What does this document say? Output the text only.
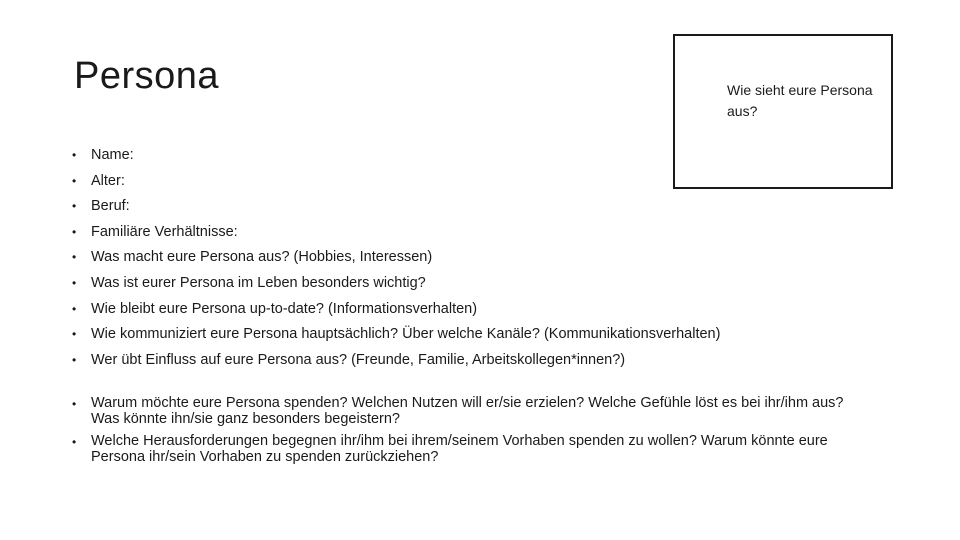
Persona	Wie sieht eure Persona aus?
• Name:
• Alter:
• Beruf:
• Familiäre Verhältnisse:
• Was macht eure Persona aus? (Hobbies, Interessen)
• Was ist eurer Persona im Leben besonders wichtig?
• Wie bleibt eure Persona up-to-date? (Informationsverhalten)
• Wie kommuniziert eure Persona hauptsächlich? Über welche Kanäle? (Kommunikationsverhalten)
• Wer übt Einfluss auf eure Persona aus? (Freunde, Familie, Arbeitskollegen*innen?)
• Warum möchte eure Persona spenden? Welchen Nutzen will er/sie erzielen? Welche Gefühle löst es bei ihr/ihm aus? Was könnte ihn/sie ganz besonders begeistern?
• Welche Herausforderungen begegnen ihr/ihm bei ihrem/seinem Vorhaben spenden zu wollen? Warum könnte eure Persona ihr/sein Vorhaben zu spenden zurückziehen?
